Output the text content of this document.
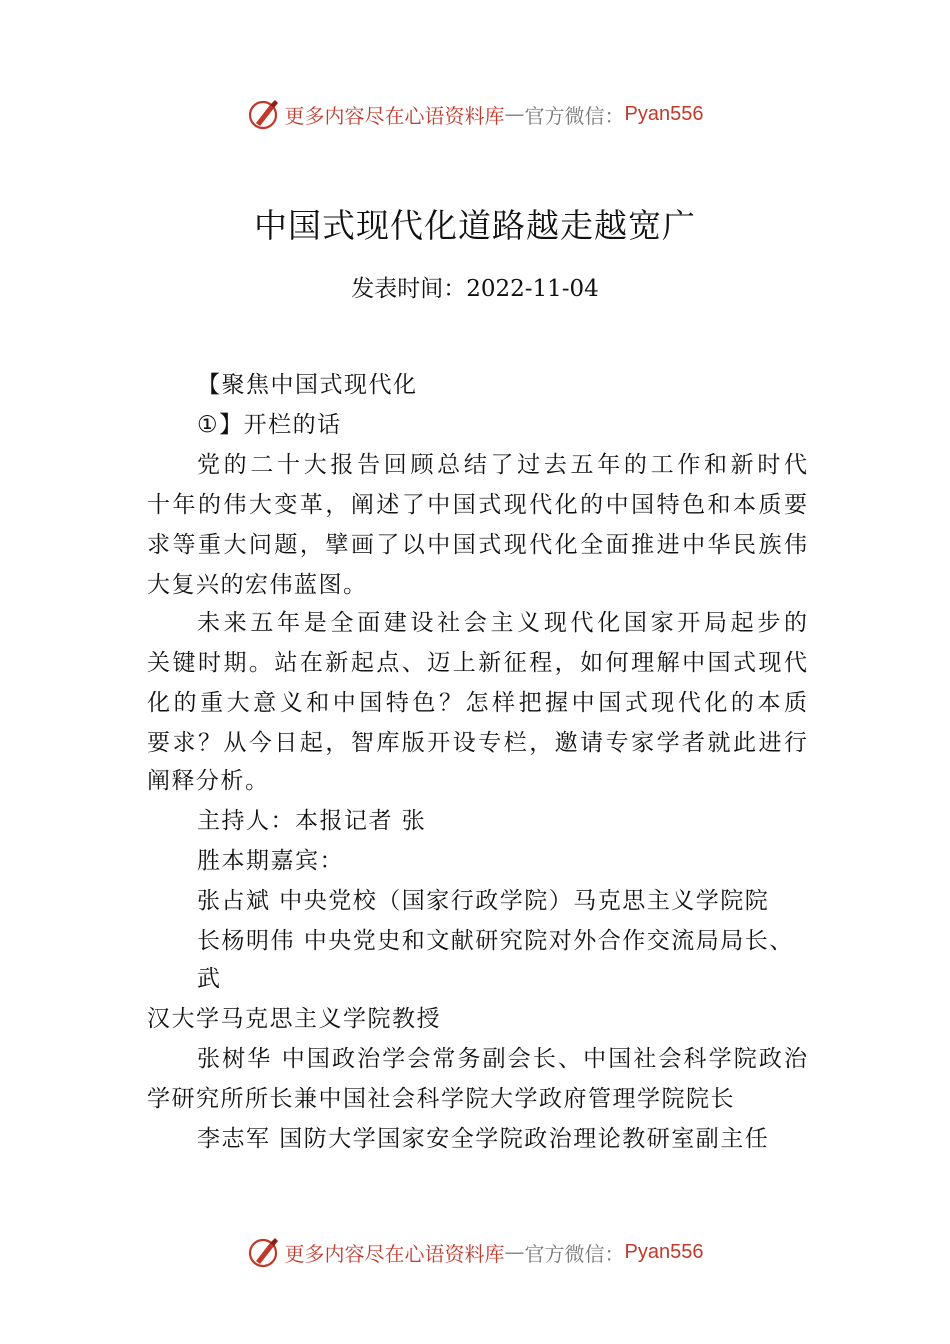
更多内容尽在心语资料库 — 官方微信： Pyan556
中国式现代化道路越走越宽广
发表时间：2022-11-04
【聚焦中国式现代化
①】开栏的话
党的二十大报告回顾总结了过去五年的工作和新时代
十年的伟大变革，阐述了中国式现代化的中国特色和本质要
求等重大问题，擘画了以中国式现代化全面推进中华民族伟
大复兴的宏伟蓝图。
未来五年是全面建设社会主义现代化国家开局起步的
关键时期。站在新起点、迈上新征程，如何理解中国式现代
化的重大意义和中国特色？怎样把握中国式现代化的本质
要求？从今日起，智库版开设专栏，邀请专家学者就此进行
阐释分析。
主持人：本报记者 张
胜本期嘉宾：
张占斌 中央党校（国家行政学院）马克思主义学院院
长杨明伟 中央党史和文献研究院对外合作交流局局长、
武
汉大学马克思主义学院教授
张树华 中国政治学会常务副会长、中国社会科学院政治
学研究所所长兼中国社会科学院大学政府管理学院院长
李志军 国防大学国家安全学院政治理论教研室副主任
更多内容尽在心语资料库 — 官方微信： Pyan556
